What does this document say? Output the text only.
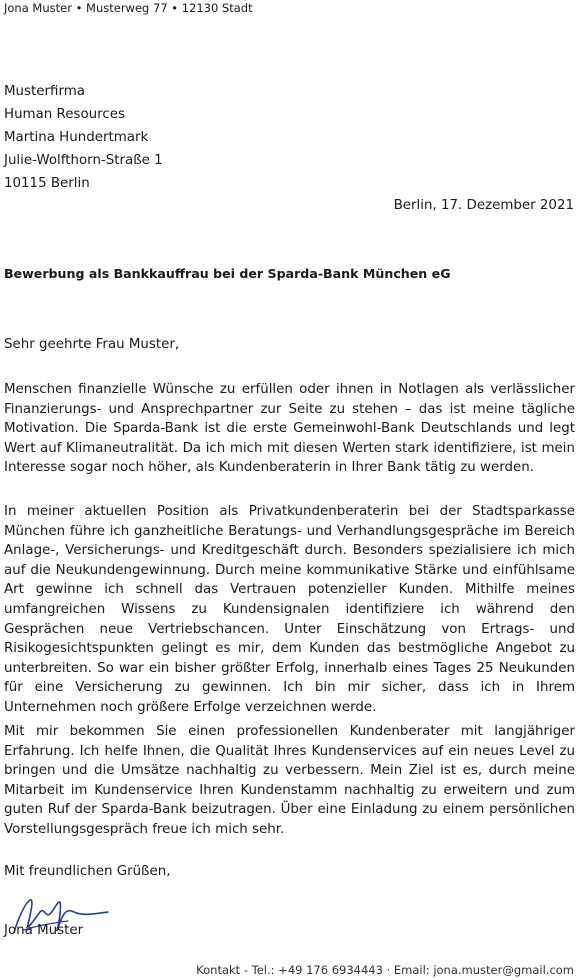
Jona Muster • Musterweg 77 • 12130 Stadt
Musterfirma
Human Resources
Martina Hundertmark
Julie-Wolfthorn-Straße 1
10115 Berlin
Berlin, 17. Dezember 2021
Bewerbung als Bankkauffrau bei der Sparda-Bank München eG
Sehr geehrte Frau Muster,

Menschen finanzielle Wünsche zu erfüllen oder ihnen in Notlagen als verlässlicher Finanzierungs- und Ansprechpartner zur Seite zu stehen – das ist meine tägliche Motivation. Die Sparda-Bank ist die erste Gemeinwohl-Bank Deutschlands und legt Wert auf Klimaneutralität. Da ich mich mit diesen Werten stark identifiziere, ist mein Interesse sogar noch höher, als Kundenberaterin in Ihrer Bank tätig zu werden.

In meiner aktuellen Position als Privatkundenberaterin bei der Stadtsparkasse München führe ich ganzheitliche Beratungs- und Verhandlungsgespräche im Bereich Anlage-, Versicherungs- und Kreditgeschäft durch. Besonders spezialisiere ich mich auf die Neukundengewinnung. Durch meine kommunikative Stärke und einfühlsame Art gewinne ich schnell das Vertrauen potenzieller Kunden. Mithilfe meines umfangreichen Wissens zu Kundensignalen identifiziere ich während den Gesprächen neue Vertriebschancen. Unter Einschätzung von Ertrags- und Risikogesichtspunkten gelingt es mir, dem Kunden das bestmögliche Angebot zu unterbreiten. So war ein bisher größter Erfolg, innerhalb eines Tages 25 Neukunden für eine Versicherung zu gewinnen. Ich bin mir sicher, dass ich in Ihrem Unternehmen noch größere Erfolge verzeichnen werde.

Mit mir bekommen Sie einen professionellen Kundenberater mit langjähriger Erfahrung. Ich helfe Ihnen, die Qualität Ihres Kundenservices auf ein neues Level zu bringen und die Umsätze nachhaltig zu verbessern. Mein Ziel ist es, durch meine Mitarbeit im Kundenservice Ihren Kundenstamm nachhaltig zu erweitern und zum guten Ruf der Sparda-Bank beizutragen. Über eine Einladung zu einem persönlichen Vorstellungsgespräch freue ich mich sehr.

Mit freundlichen Grüßen,
Jona Muster
Kontakt - Tel.: +49 176 6934443 · Email: jona.muster@gmail.com
